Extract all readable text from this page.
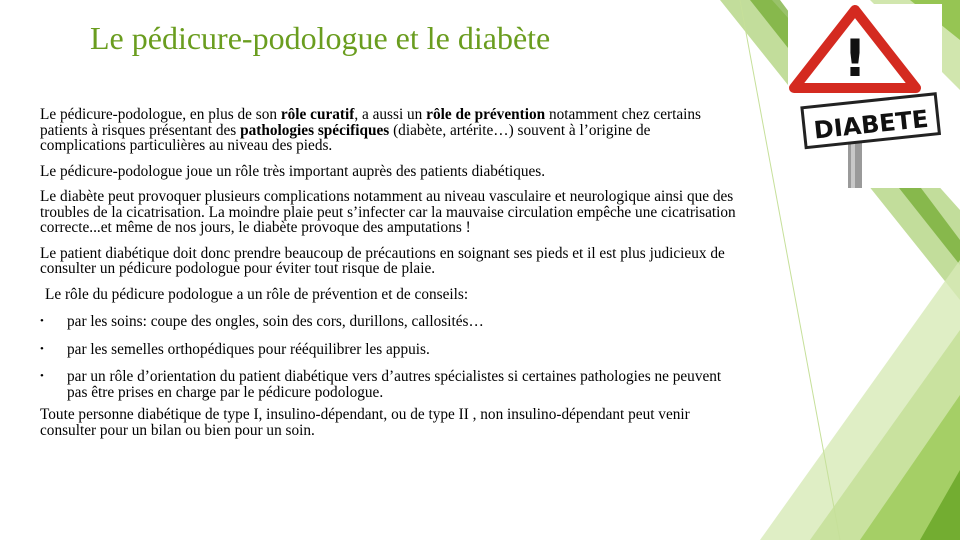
Le pédicure-podologue et le diabète

Le pédicure-podologue, en plus de son rôle curatif, a aussi un rôle de prévention notamment chez certains patients à risques présentant des pathologies spécifiques (diabète, artérite…) souvent à l’origine de complications particulières au niveau des pieds.

Le pédicure-podologue joue un rôle très important auprès des patients diabétiques.

Le diabète peut provoquer plusieurs complications notamment au niveau vasculaire et neurologique ainsi que des troubles de la cicatrisation. La moindre plaie peut s’infecter car la mauvaise circulation empêche une cicatrisation correcte...et même de nos jours, le diabète provoque des amputations !

Le patient diabétique doit donc prendre beaucoup de précautions en soignant ses pieds et il est plus judicieux de consulter un pédicure podologue pour éviter tout risque de plaie.

Le rôle du pédicure podologue a un rôle de prévention et de conseils:

• par les soins: coupe des ongles, soin des cors, durillons, callosités…
• par les semelles orthopédiques pour rééquilibrer les appuis.
• par un rôle d’orientation du patient diabétique vers d’autres spécialistes si certaines pathologies ne peuvent pas être prises en charge par le pédicure podologue.

Toute personne diabétique de type I, insulino-dépendant, ou de type II , non insulino-dépendant peut venir consulter pour un bilan ou bien pour un soin.

!
DIABETE
